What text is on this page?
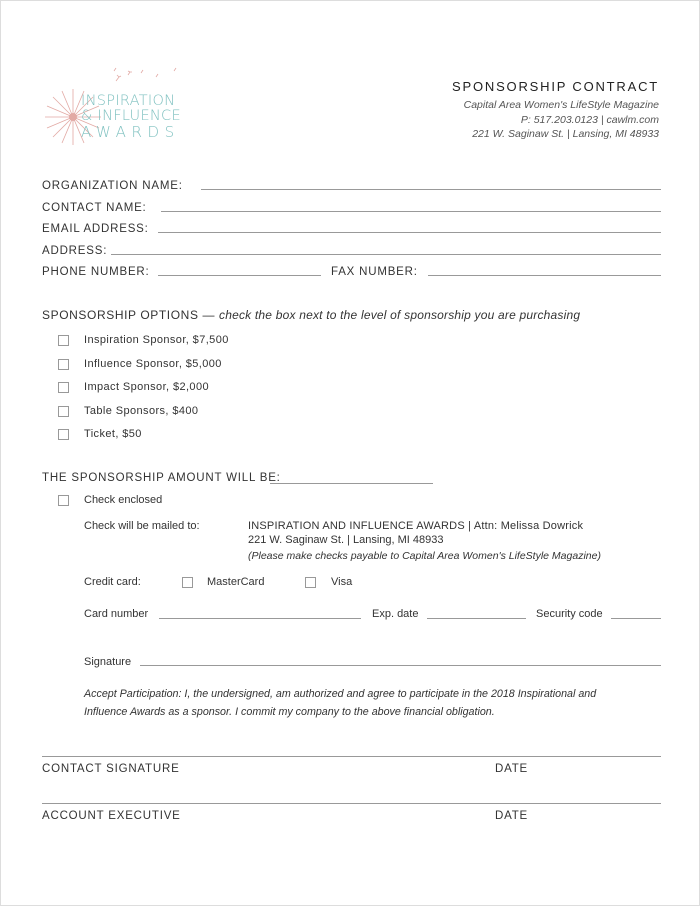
INSPIRATION
& INFLUENCE
AWARDS
SPONSORSHIP CONTRACT
Capital Area Women's LifeStyle Magazine
P: 517.203.0123 | cawlm.com
221 W. Saginaw St. | Lansing, MI 48933
ORGANIZATION NAME:
CONTACT NAME:
EMAIL ADDRESS:
ADDRESS:
PHONE NUMBER:	FAX NUMBER:
SPONSORSHIP OPTIONS — check the box next to the level of sponsorship you are purchasing
Inspiration Sponsor, $7,500
Influence Sponsor, $5,000
Impact Sponsor, $2,000
Table Sponsors, $400
Ticket, $50
THE SPONSORSHIP AMOUNT WILL BE:
Check enclosed
Check will be mailed to:	INSPIRATION AND INFLUENCE AWARDS | Attn: Melissa Dowrick
221 W. Saginaw St. | Lansing, MI 48933
(Please make checks payable to Capital Area Women's LifeStyle Magazine)
Credit card:	MasterCard	Visa
Card number	Exp. date	Security code
Signature
Accept Participation: I, the undersigned, am authorized and agree to participate in the 2018 Inspirational and
Influence Awards as a sponsor. I commit my company to the above financial obligation.
CONTACT SIGNATURE	DATE
ACCOUNT EXECUTIVE	DATE
